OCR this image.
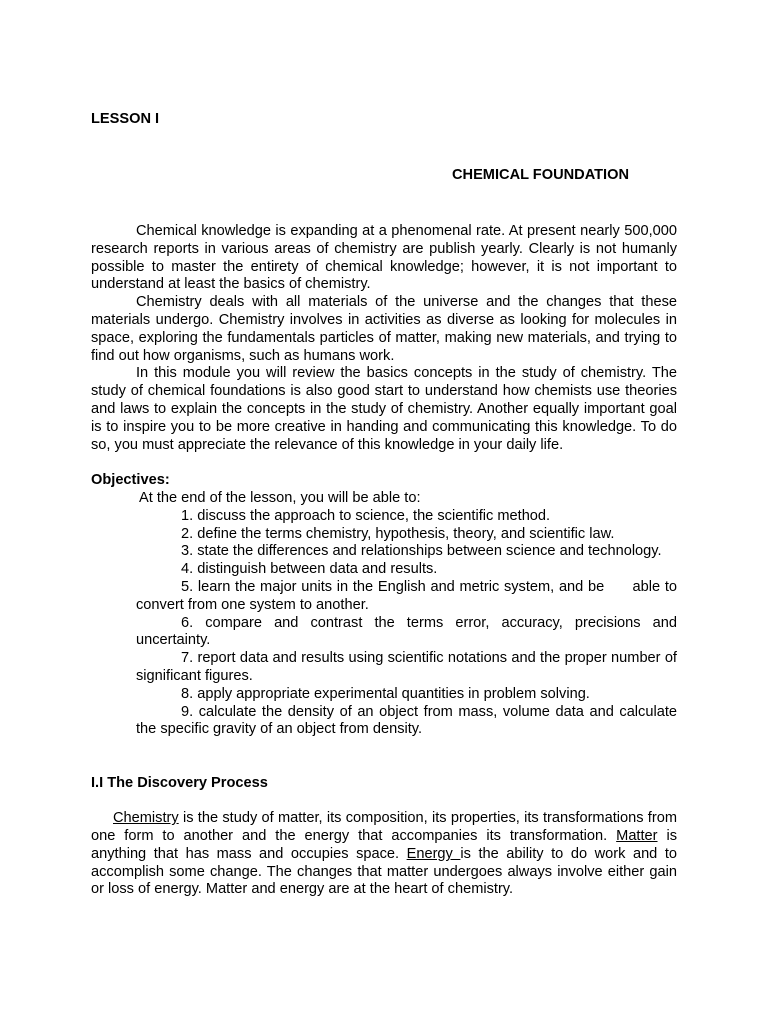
LESSON I
CHEMICAL FOUNDATION

Chemical knowledge is expanding at a phenomenal rate. At present nearly 500,000 research reports in various areas of chemistry are publish yearly. Clearly is not humanly possible to master the entirety of chemical knowledge; however, it is not important to understand at least the basics of chemistry.

Chemistry deals with all materials of the universe and the changes that these materials undergo. Chemistry involves in activities as diverse as looking for molecules in space, exploring the fundamentals particles of matter, making new materials, and trying to find out how organisms, such as humans work.

In this module you will review the basics concepts in the study of chemistry. The study of chemical foundations is also good start to understand how chemists use theories and laws to explain the concepts in the study of chemistry. Another equally important goal is to inspire you to be more creative in handing and communicating this knowledge. To do so, you must appreciate the relevance of this knowledge in your daily life.

Objectives:

At the end of the lesson, you will be able to:

1. discuss the approach to science, the scientific method.
2. define the terms chemistry, hypothesis, theory, and scientific law.
3. state the differences and relationships between science and technology.
4. distinguish between data and results.
5. learn the major units in the English and metric system, and be      able to convert from one system to another.
6. compare and contrast the terms error, accuracy, precisions and uncertainty.
7. report data and results using scientific notations and the proper number of significant figures.
8. apply appropriate experimental quantities in problem solving.
9. calculate the density of an object from mass, volume data and calculate the specific gravity of an object from density.

I.I The Discovery Process

Chemistry is the study of matter, its composition, its properties, its transformations from one form to another and the energy that accompanies its transformation. Matter is anything that has mass and occupies space. Energy is the ability to do work and to accomplish some change. The changes that matter undergoes always involve either gain or loss of energy. Matter and energy are at the heart of chemistry.
